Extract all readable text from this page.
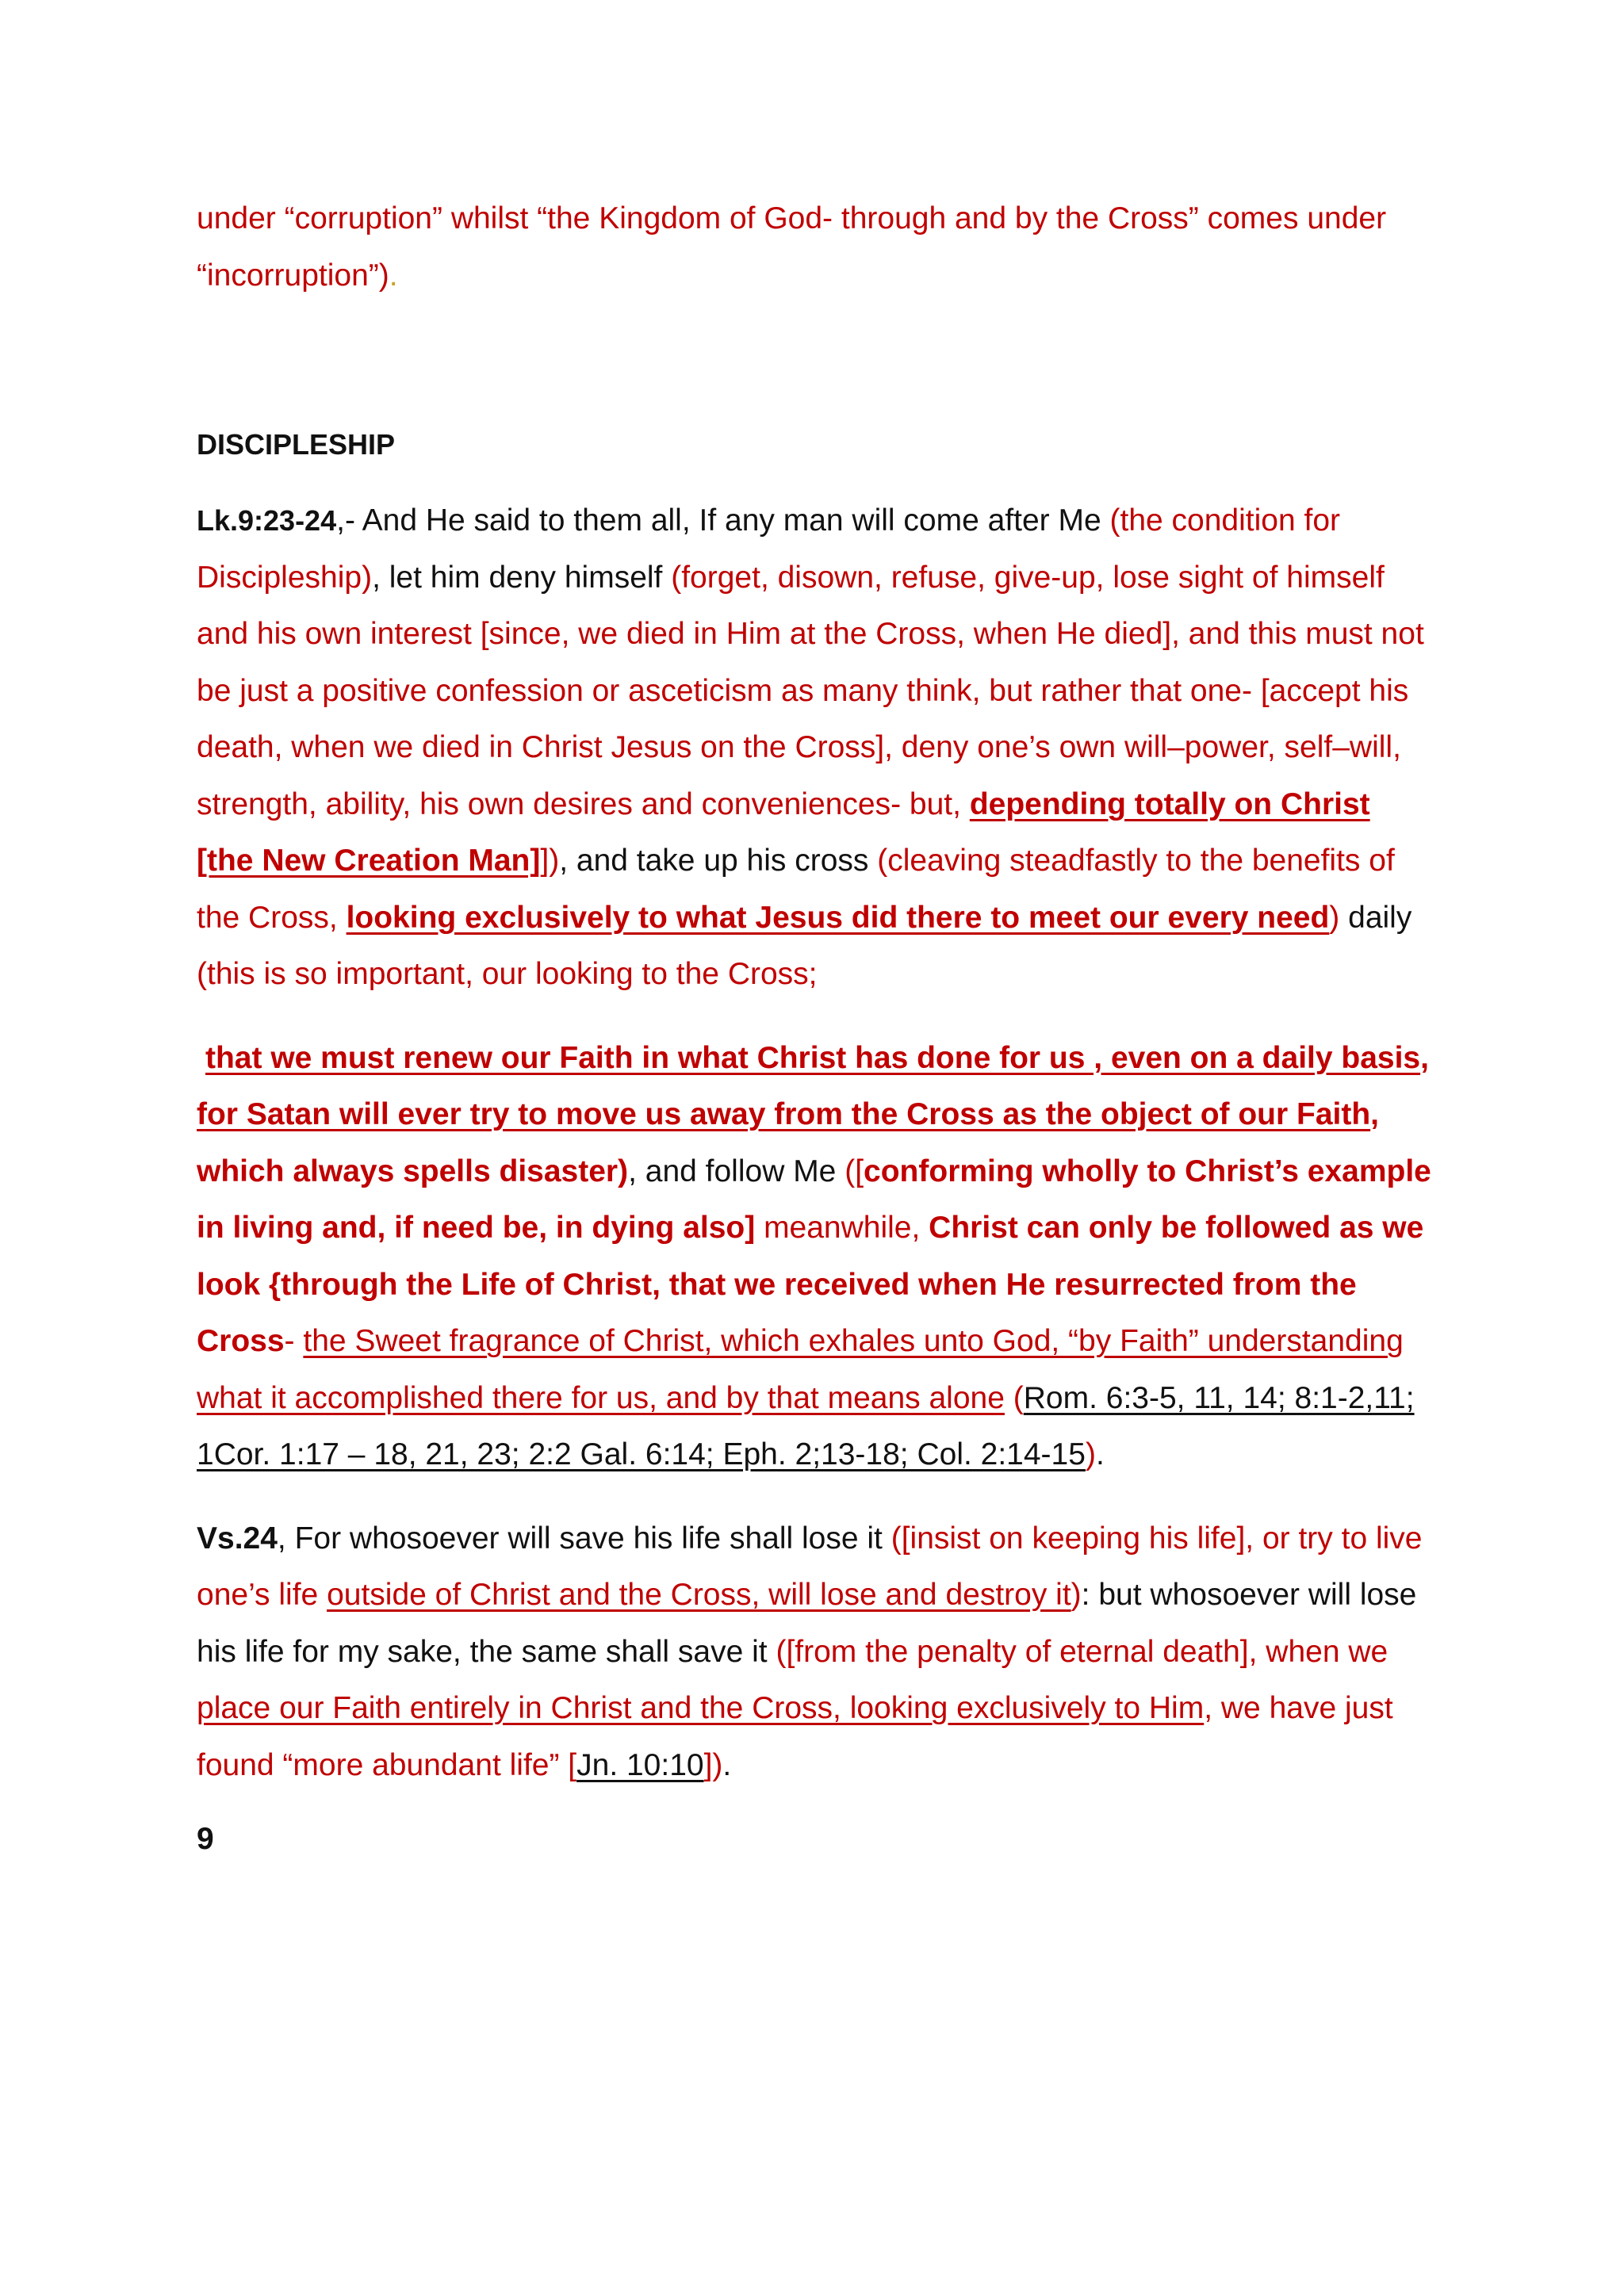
under “corruption” whilst “the Kingdom of God- through and by the Cross” comes under “incorruption”).

DISCIPLESHIP

Lk.9:23-24,- And He said to them all, If any man will come after Me (the condition for Discipleship), let him deny himself (forget, disown, refuse, give-up, lose sight of himself and his own interest [since, we died in Him at the Cross, when He died], and this must not be just a positive confession or asceticism as many think, but rather that one- [accept his death, when we died in Christ Jesus on the Cross], deny one’s own will–power, self–will, strength, ability, his own desires and conveniences- but, depending totally on Christ [the New Creation Man]]), and take up his cross (cleaving steadfastly to the benefits of the Cross, looking exclusively to what Jesus did there to meet our every need) daily (this is so important, our looking to the Cross;

that we must renew our Faith in what Christ has done for us , even on a daily basis, for Satan will ever try to move us away from the Cross as the object of our Faith, which always spells disaster), and follow Me ([conforming wholly to Christ’s example in living and, if need be, in dying also] meanwhile, Christ can only be followed as we look {through the Life of Christ, that we received when He resurrected from the Cross- the Sweet fragrance of Christ, which exhales unto God, “by Faith” understanding what it accomplished there for us, and by that means alone (Rom. 6:3-5, 11, 14; 8:1-2,11; 1Cor. 1:17 – 18, 21, 23; 2:2 Gal. 6:14; Eph. 2;13-18; Col. 2:14-15).

Vs.24, For whosoever will save his life shall lose it ([insist on keeping his life], or try to live one’s life outside of Christ and the Cross, will lose and destroy it): but whosoever will lose his life for my sake, the same shall save it ([from the penalty of eternal death], when we place our Faith entirely in Christ and the Cross, looking exclusively to Him, we have just found “more abundant life” [Jn. 10:10]).

9
